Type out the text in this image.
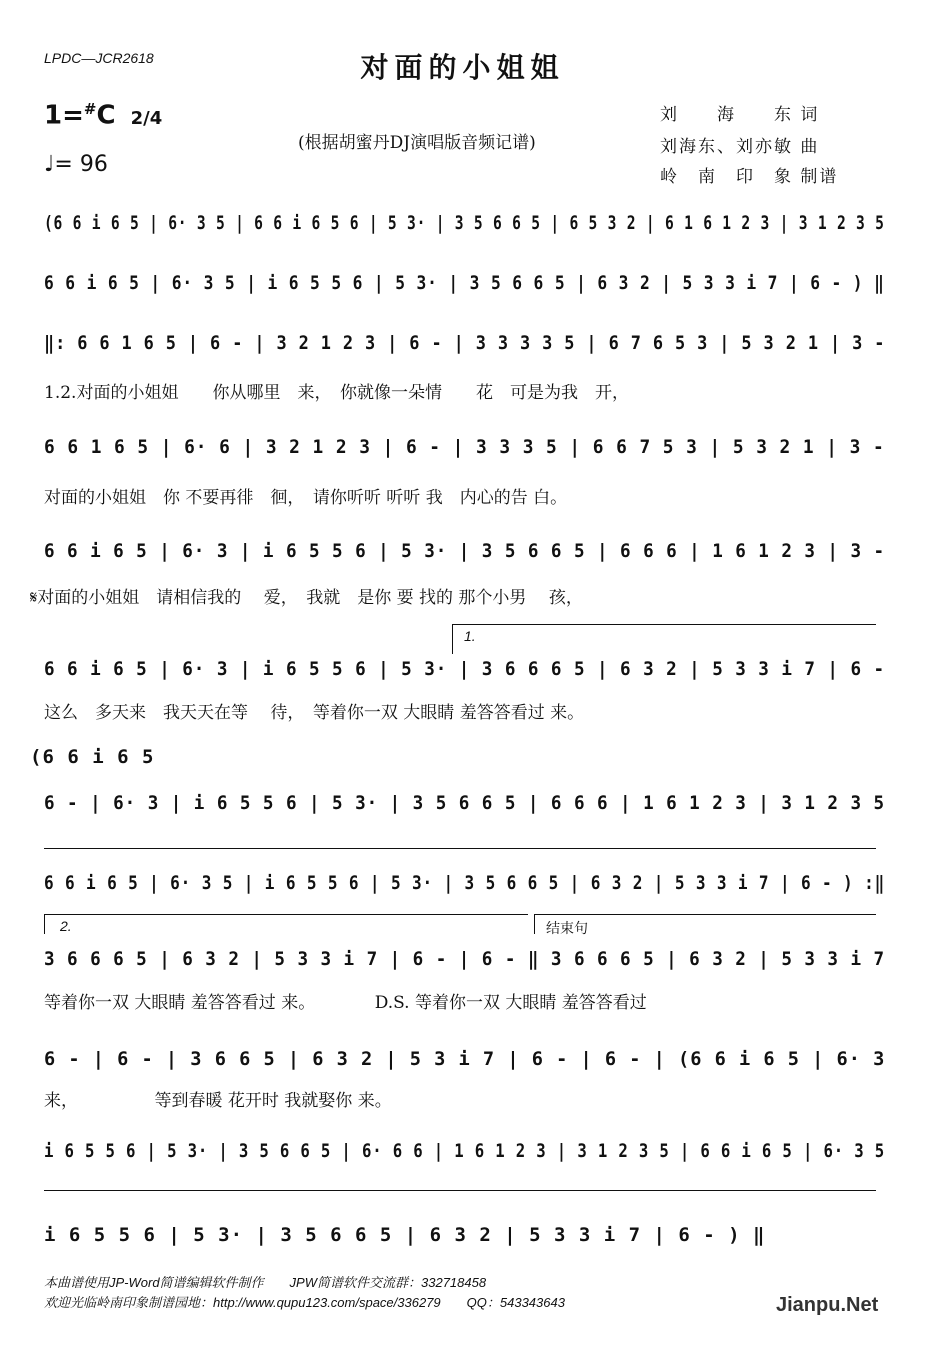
LPDC—JCR2618	对面的小姐姐
1=#C 2/4
♩= 96
(根据胡蜜丹DJ演唱版音频记谱)
刘　　海　　东 词
刘海东、刘亦敏 曲
岭　南　印　象 制谱
(6 6 i 6 5 | 6· 3 5 | 6 6 i 6 5 6 | 5 3· | 3 5 6 6 5 | 6 5 3 2 | 6 1 6 1 2 3 | 3 1 2 3 5
6 6 i 6 5 | 6· 3 5 | i 6 5 5 6 | 5 3· | 3 5 6 6 5 | 6 3 2 | 5 3 3 i 7 | 6 - ) ‖
‖: 6 6 1 6 5 | 6 - | 3 2 1 2 3 | 6 - | 3 3 3 3 5 | 6 7 6 5 3 | 5 3 2 1 | 3 -
1.2.对面的小姐姐　　你从哪里　来，　你就像一朵情　　花　可是为我　开，
6 6 1 6 5 | 6· 6 | 3 2 1 2 3 | 6 - | 3 3 3 5 | 6 6 7 5 3 | 5 3 2 1 | 3 -
对面的小姐姐　你 不要再徘　徊，　请你听听 听听 我　内心的告 白。
6 6 i 6 5 | 6· 3 | i 6 5 5 6 | 5 3· | 3 5 6 6 5 | 6 6 6 | 1 6 1 2 3 | 3 -
𝄋对面的小姐姐　请相信我的　 爱，　我就　是你 要 找的 那个小男　 孩，
1.
6 6 i 6 5 | 6· 3 | i 6 5 5 6 | 5 3· | 3 6 6 6 5 | 6 3 2 | 5 3 3 i 7 | 6 -
这么　多天来　我天天在等　 待，　等着你一双 大眼睛 羞答答看过 来。
(6 6 i 6 5
6 - | 6· 3 | i 6 5 5 6 | 5 3· | 3 5 6 6 5 | 6 6 6 | 1 6 1 2 3 | 3 1 2 3 5
6 6 i 6 5 | 6· 3 5 | i 6 5 5 6 | 5 3· | 3 5 6 6 5 | 6 3 2 | 5 3 3 i 7 | 6 - ) :‖
2.	结束句
3 6 6 6 5 | 6 3 2 | 5 3 3 i 7 | 6 - | 6 - ‖ 3 6 6 6 5 | 6 3 2 | 5 3 3 i 7
等着你一双 大眼睛 羞答答看过 来。　　　　D.S. 等着你一双 大眼睛 羞答答看过
6 - | 6 - | 3 6 6 5 | 6 3 2 | 5 3 i 7 | 6 - | 6 - | (6 6 i 6 5 | 6· 3
来，　　　　　等到春暖 花开时 我就娶你 来。
i 6 5 5 6 | 5 3· | 3 5 6 6 5 | 6· 6 6 | 1 6 1 2 3 | 3 1 2 3 5 | 6 6 i 6 5 | 6· 3 5
i 6 5 5 6 | 5 3· | 3 5 6 6 5 | 6 3 2 | 5 3 3 i 7 | 6 - ) ‖
本曲谱使用JP-Word简谱编辑软件制作　　JPW简谱软件交流群：332718458
欢迎光临岭南印象制谱园地：http://www.qupu123.com/space/336279　　QQ：543343643	Jianpu.Net
